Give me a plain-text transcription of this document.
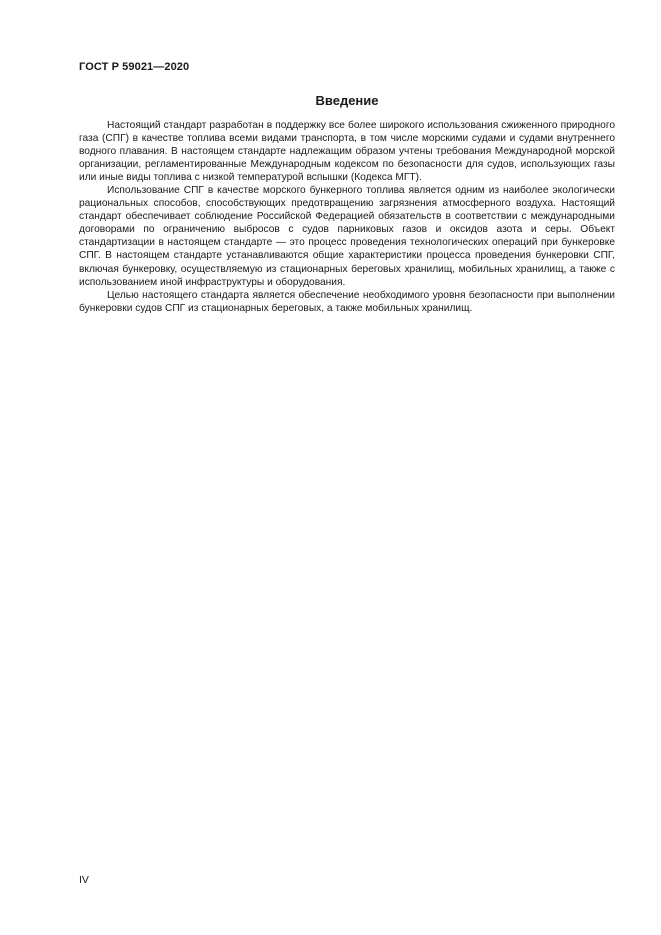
ГОСТ Р 59021—2020
Введение

Настоящий стандарт разработан в поддержку все более широкого использования сжиженного природного газа (СПГ) в качестве топлива всеми видами транспорта, в том числе морскими судами и судами внутреннего водного плавания. В настоящем стандарте надлежащим образом учтены требования Международной морской организации, регламентированные Международным кодексом по безопасности для судов, использующих газы или иные виды топлива с низкой температурой вспышки (Кодекса МГТ).

Использование СПГ в качестве морского бункерного топлива является одним из наиболее экологически рациональных способов, способствующих предотвращению загрязнения атмосферного воздуха. Настоящий стандарт обеспечивает соблюдение Российской Федерацией обязательств в соответствии с международными договорами по ограничению выбросов с судов парниковых газов и оксидов азота и серы. Объект стандартизации в настоящем стандарте — это процесс проведения технологических операций при бункеровке СПГ. В настоящем стандарте устанавливаются общие характеристики процесса проведения бункеровки СПГ, включая бункеровку, осуществляемую из стационарных береговых хранилищ, мобильных хранилищ, а также с использованием иной инфраструктуры и оборудования.

Целью настоящего стандарта является обеспечение необходимого уровня безопасности при выполнении бункеровки судов СПГ из стационарных береговых, а также мобильных хранилищ.

IV
